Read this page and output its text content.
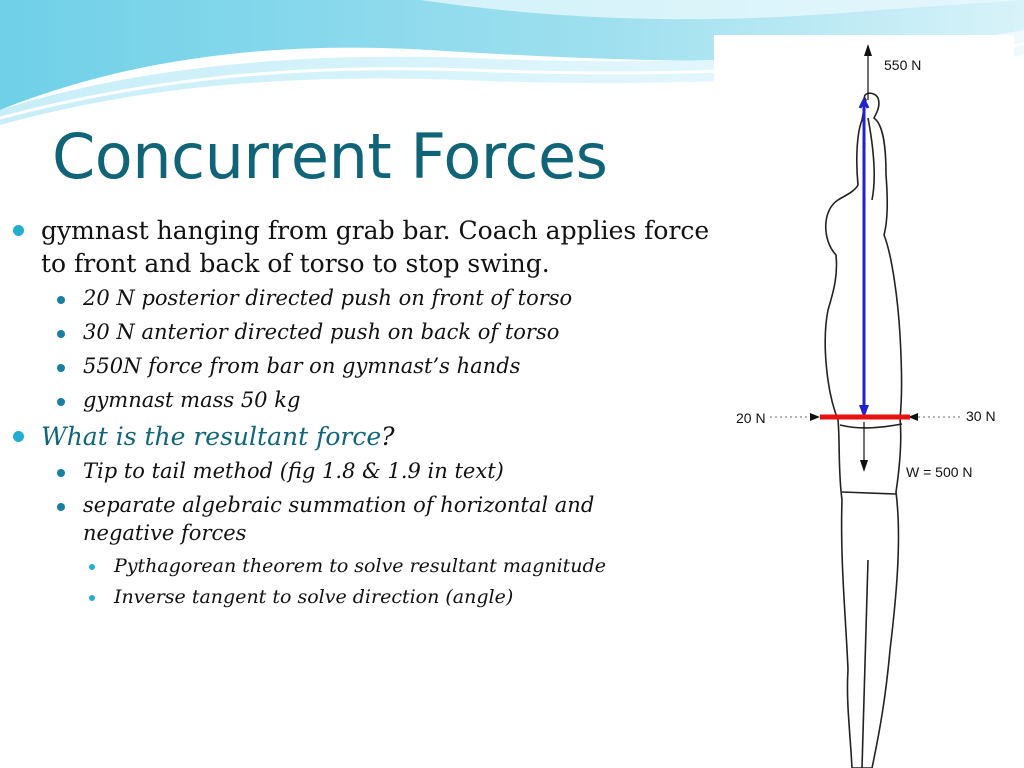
Concurrent Forces
gymnast hanging from grab bar. Coach applies force to front and back of torso to stop swing.
20 N posterior directed push on front of torso
30 N anterior directed push on back of torso
550N force from bar on gymnast’s hands
gymnast mass 50 kg
What is the resultant force?
Tip to tail method (fig 1.8 & 1.9 in text)
separate algebraic summation of horizontal and negative forces
Pythagorean theorem to solve resultant magnitude
Inverse tangent to solve direction (angle)
550 N
20 N	30 N
W = 500 N
